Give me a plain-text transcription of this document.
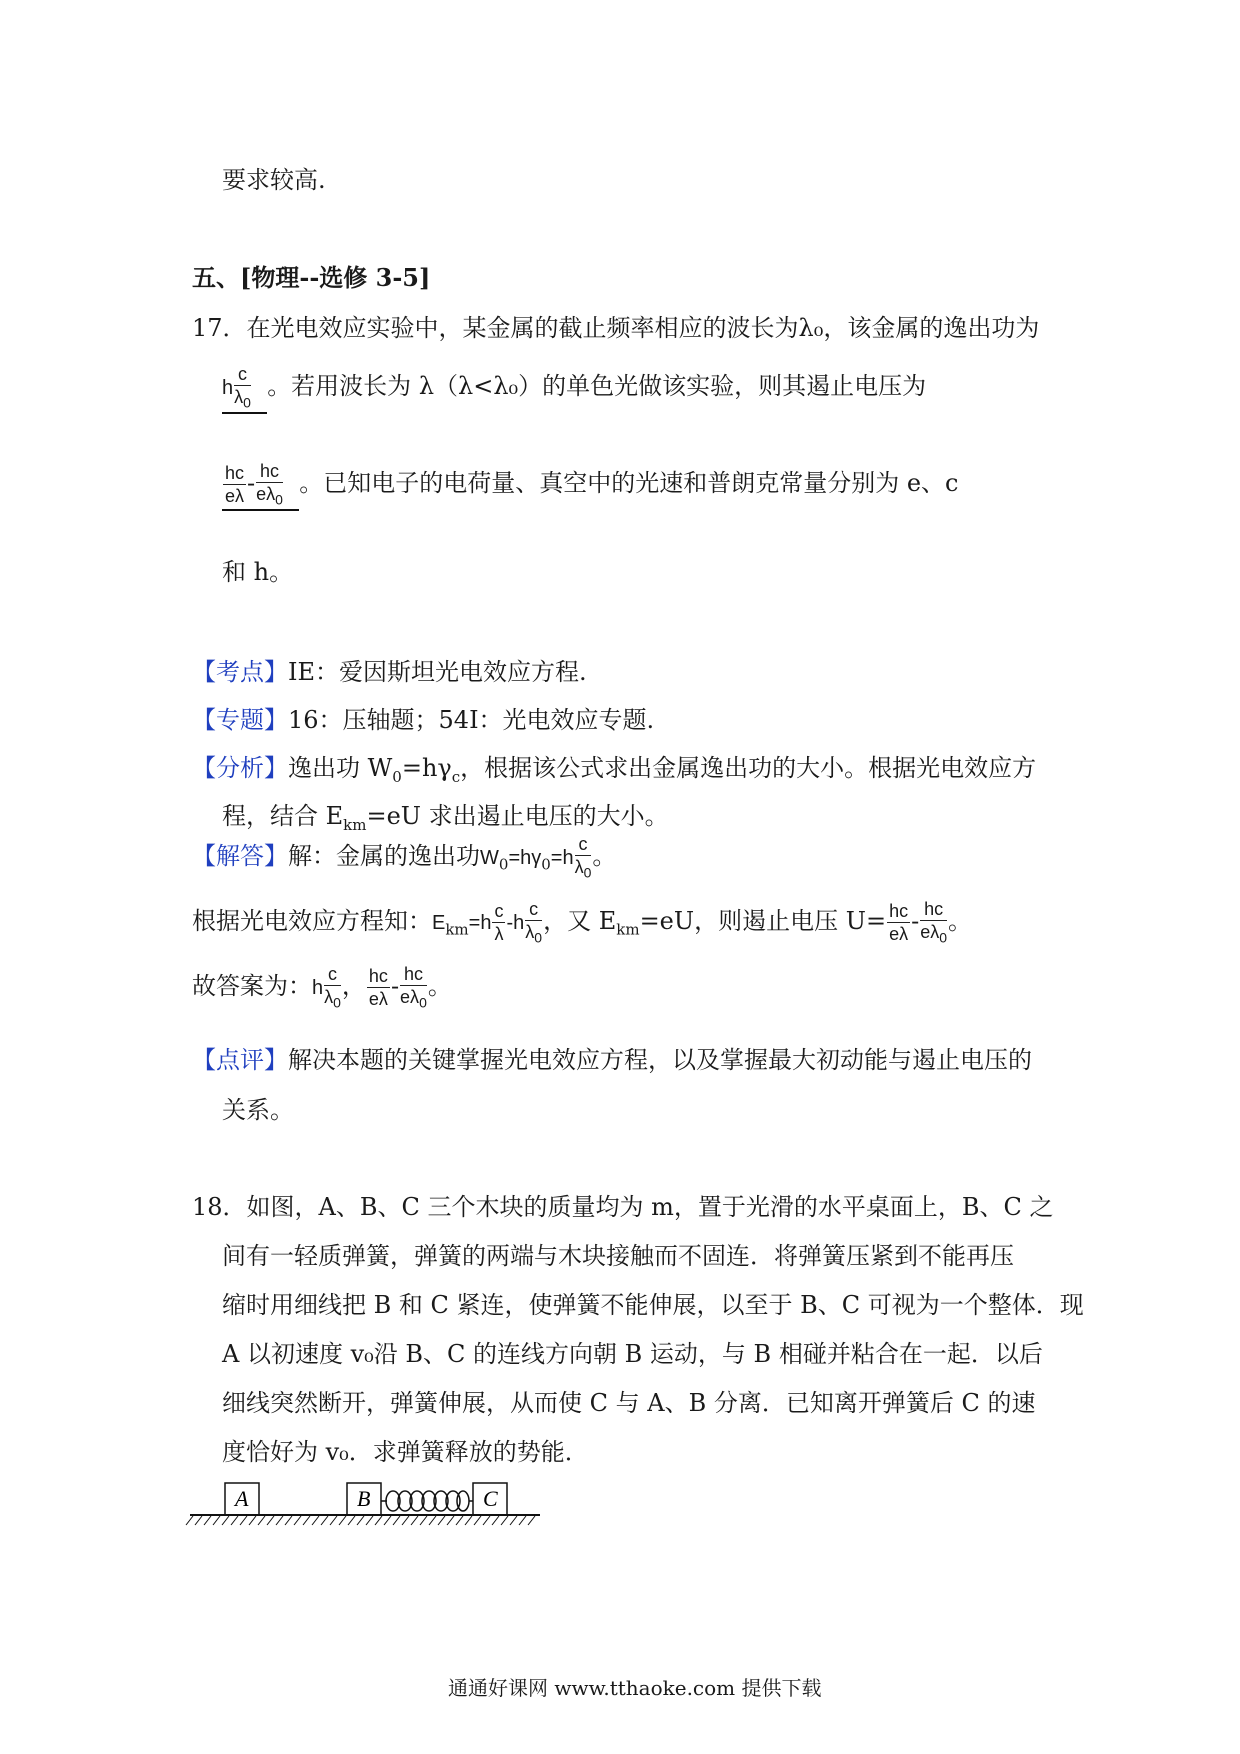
要求较高.
五、[物理--选修 3-5]
17．在光电效应实验中，某金属的截止频率相应的波长为λ₀，该金属的逸出功为
h $\frac{c}{\lambda_0}$ 。若用波长为 λ（λ<λ₀）的单色光做该实验，则其遏止电压为
$\frac{hc}{e\lambda} - \frac{hc}{e\lambda_0}$ 。已知电子的电荷量、真空中的光速和普朗克常量分别为 e、c
和 h。
【考点】IE：爱因斯坦光电效应方程.
【专题】16：压轴题；54I：光电效应专题.
【分析】逸出功 $W_0=h\gamma_c$，根据该公式求出金属逸出功的大小。根据光电效应方
程，结合 $E_{km}=eU$ 求出遏止电压的大小。
【解答】解：金属的逸出功$W_0=h\gamma_0=h \frac{c}{\lambda_0}$ 。
根据光电效应方程知：$E_{km}=h \frac{c}{\lambda} -h \frac{c}{\lambda_0}$ ，又 $E_{km}=eU$，则遏止电压 $U= \frac{hc}{e\lambda} - \frac{hc}{e\lambda_0}$ 。
故答案为：h $\frac{c}{\lambda_0}$ ， $\frac{hc}{e\lambda} - \frac{hc}{e\lambda_0}$ 。
【点评】解决本题的关键掌握光电效应方程，以及掌握最大初动能与遏止电压的
关系。
18．如图，A、B、C 三个木块的质量均为 m，置于光滑的水平桌面上，B、C 之
间有一轻质弹簧，弹簧的两端与木块接触而不固连．将弹簧压紧到不能再压
缩时用细线把 B 和 C 紧连，使弹簧不能伸展，以至于 B、C 可视为一个整体．现
A 以初速度 v₀沿 B、C 的连线方向朝 B 运动，与 B 相碰并粘合在一起．以后
细线突然断开，弹簧伸展，从而使 C 与 A、B 分离．已知离开弹簧后 C 的速
度恰好为 v₀．求弹簧释放的势能．
A	B	C
通通好课网 www.tthaoke.com 提供下载
